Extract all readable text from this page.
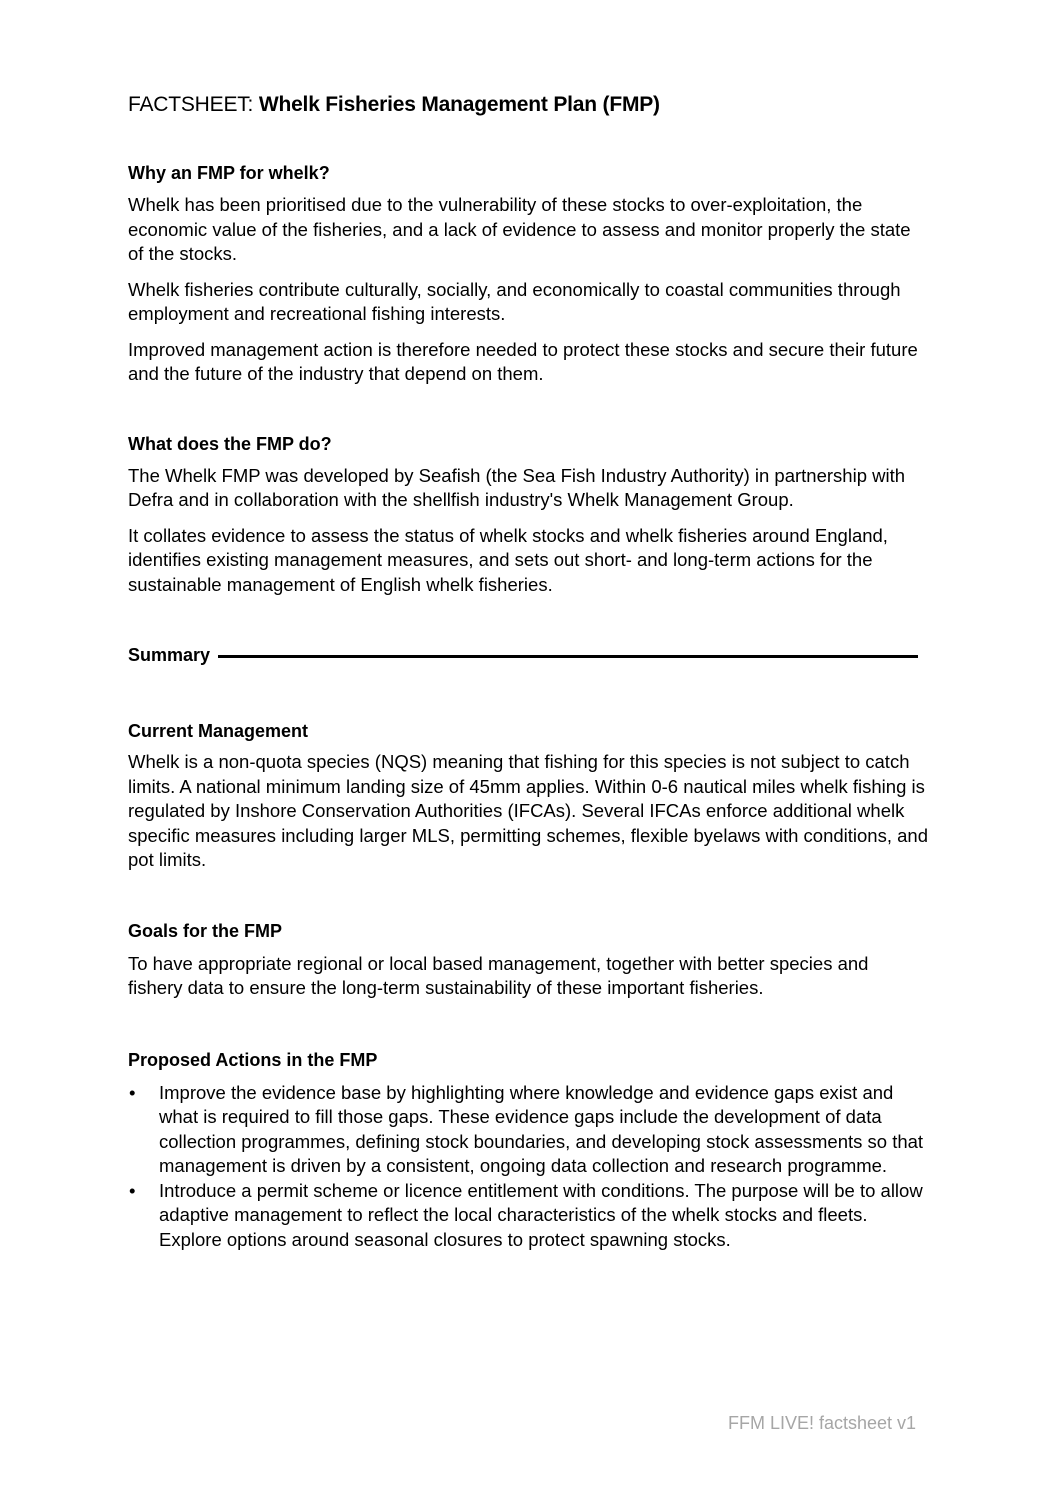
FACTSHEET: Whelk Fisheries Management Plan (FMP)
Why an FMP for whelk?

Whelk has been prioritised due to the vulnerability of these stocks to over-exploitation, the economic value of the fisheries, and a lack of evidence to assess and monitor properly the state of the stocks.

Whelk fisheries contribute culturally, socially, and economically to coastal communities through employment and recreational fishing interests.

Improved management action is therefore needed to protect these stocks and secure their future and the future of the industry that depend on them.

What does the FMP do?

The Whelk FMP was developed by Seafish (the Sea Fish Industry Authority) in partnership with Defra and in collaboration with the shellfish industry's Whelk Management Group.

It collates evidence to assess the status of whelk stocks and whelk fisheries around England, identifies existing management measures, and sets out short- and long-term actions for the sustainable management of English whelk fisheries.

Summary
Current Management

Whelk is a non-quota species (NQS) meaning that fishing for this species is not subject to catch limits. A national minimum landing size of 45mm applies. Within 0-6 nautical miles whelk fishing is regulated by Inshore Conservation Authorities (IFCAs). Several IFCAs enforce additional whelk specific measures including larger MLS, permitting schemes, flexible byelaws with conditions, and pot limits.

Goals for the FMP

To have appropriate regional or local based management, together with better species and fishery data to ensure the long-term sustainability of these important fisheries.

Proposed Actions in the FMP
• Improve the evidence base by highlighting where knowledge and evidence gaps exist and what is required to fill those gaps. These evidence gaps include the development of data collection programmes, defining stock boundaries, and developing stock assessments so that management is driven by a consistent, ongoing data collection and research programme.
• Introduce a permit scheme or licence entitlement with conditions. The purpose will be to allow adaptive management to reflect the local characteristics of the whelk stocks and fleets. Explore options around seasonal closures to protect spawning stocks.
FFM LIVE! factsheet v1
